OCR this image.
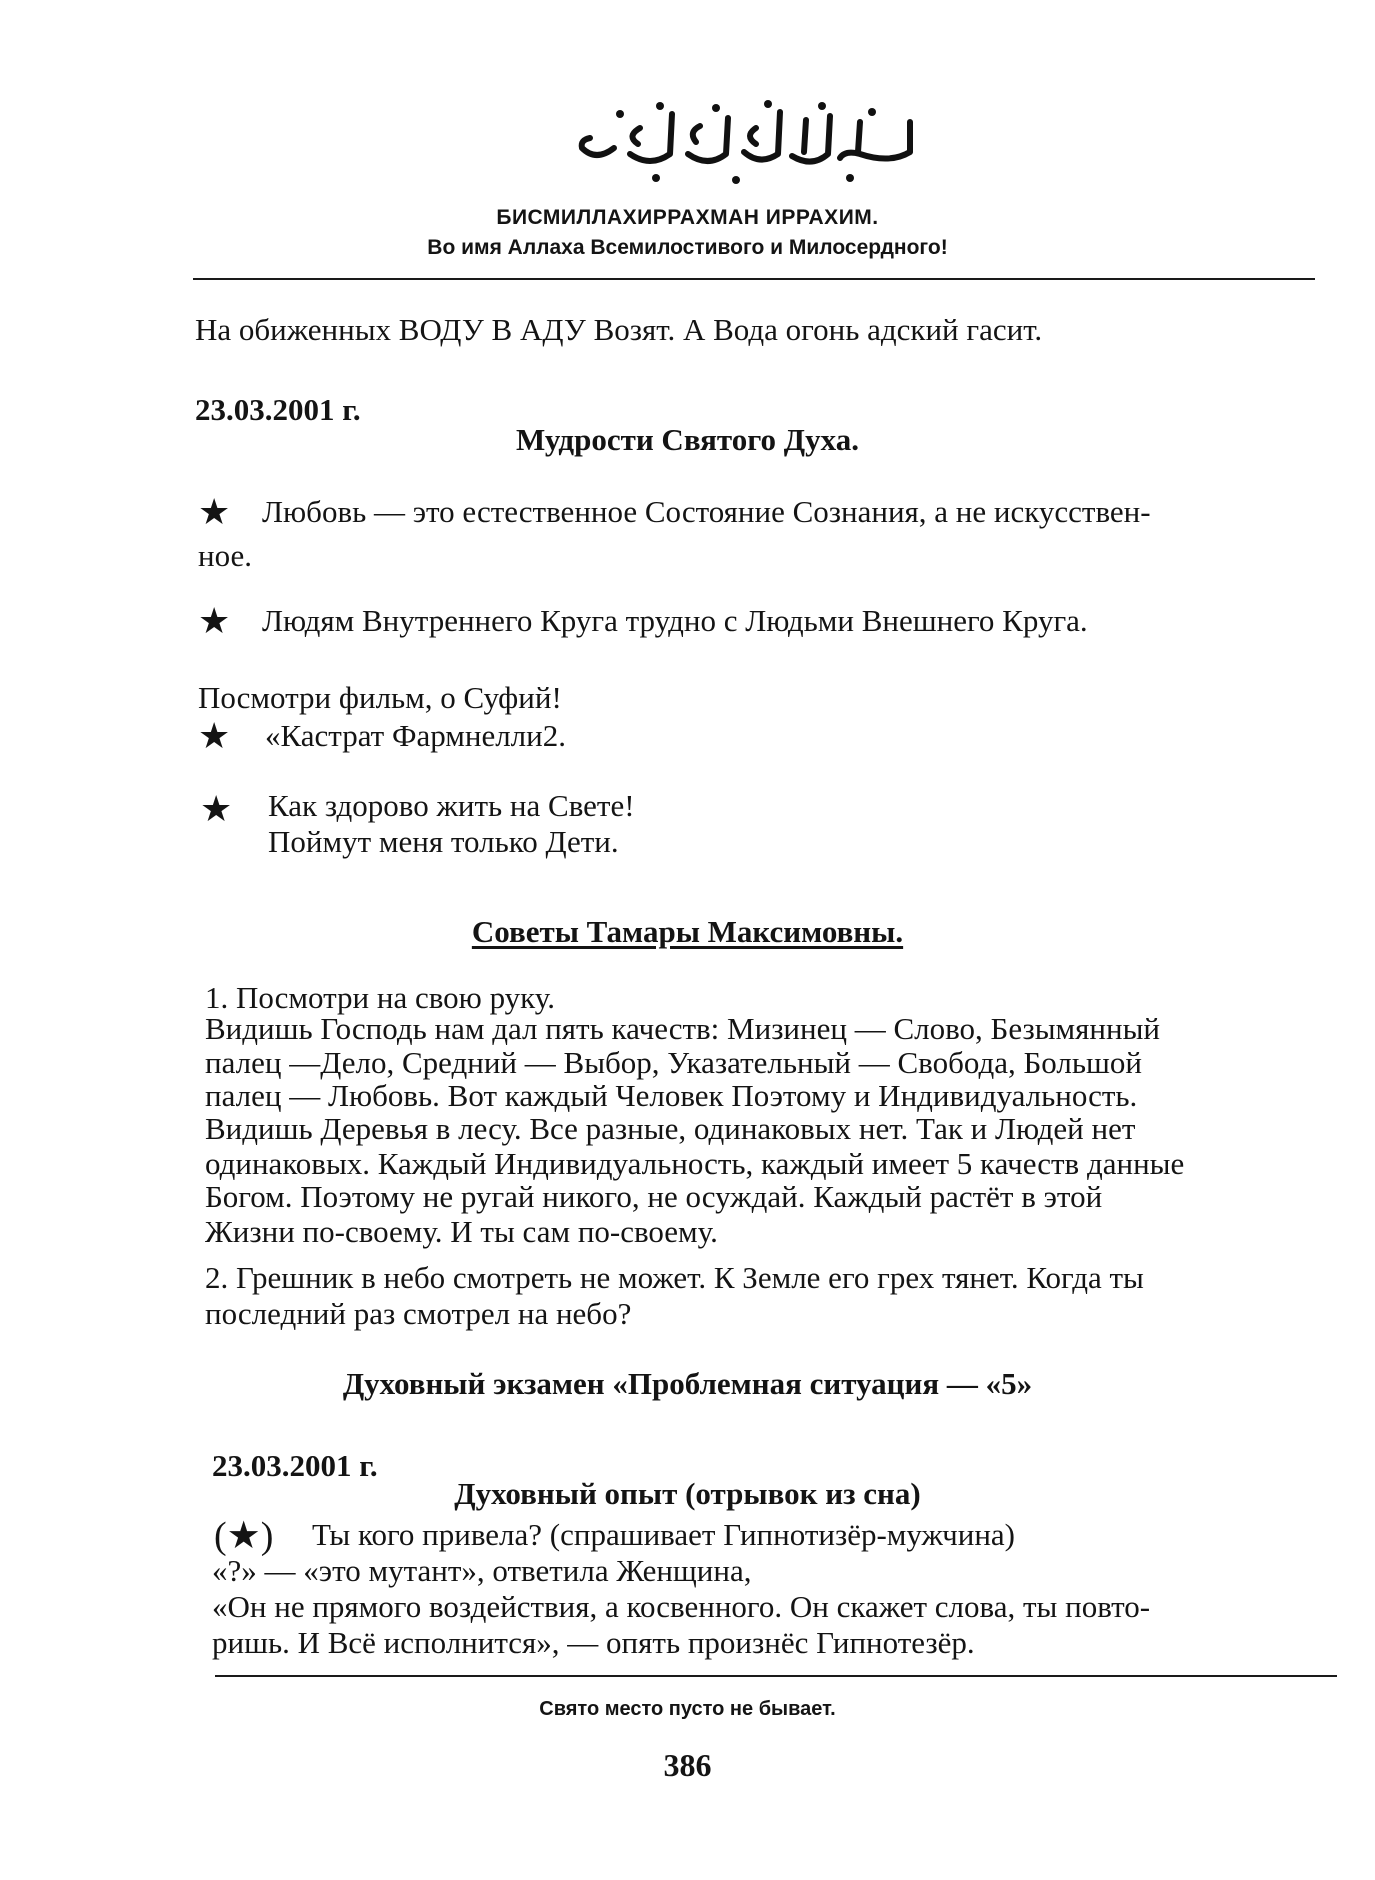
БИСМИЛЛАХИРРАХМАН ИРРАХИМ.
Во имя Аллаха Всемилостивого и Милосердного!
На обиженных ВОДУ В АДУ Возят. А Вода огонь адский гасит.
23.03.2001 г.
Мудрости Святого Духа.
★ Любовь — это естественное Состояние Сознания, а не искусствен-
ное.
★ Людям Внутреннего Круга трудно с Людьми Внешнего Круга.
Посмотри фильм, о Суфий!
★ «Кастрат Фармнелли2.
★ Как здорово жить на Свете!
Поймут меня только Дети.
Советы Тамары Максимовны.
1. Посмотри на свою руку.
Видишь Господь нам дал пять качеств: Мизинец — Слово, Безымянный
палец —Дело, Средний — Выбор, Указательный — Свобода, Большой
палец — Любовь. Вот каждый Человек Поэтому и Индивидуальность.
Видишь Деревья в лесу. Все разные, одинаковых нет. Так и Людей нет
одинаковых. Каждый Индивидуальность, каждый имеет 5 качеств данные
Богом. Поэтому не ругай никого, не осуждай. Каждый растёт в этой
Жизни по-своему. И ты сам по-своему.
2. Грешник в небо смотреть не может. К Земле его грех тянет. Когда ты
последний раз смотрел на небо?
Духовный экзамен «Проблемная ситуация — «5»
23.03.2001 г.
Духовный опыт (отрывок из сна)
(★) Ты кого привела? (спрашивает Гипнотизёр-мужчина)
«?» — «это мутант», ответила Женщина,
«Он не прямого воздействия, а косвенного. Он скажет слова, ты повто-
ришь. И Всё исполнится», — опять произнёс Гипнотезёр.
Свято место пусто не бывает.
386
